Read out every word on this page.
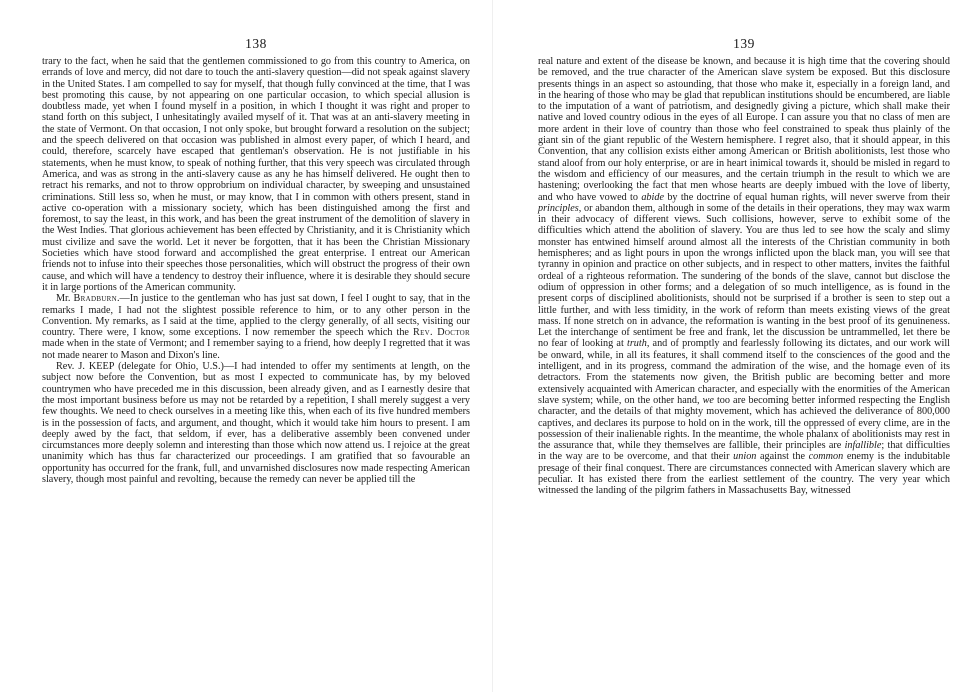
138

trary to the fact, when he said that the gentlemen commissioned to go from this country to America, on errands of love and mercy, did not dare to touch the anti-slavery question—did not speak against slavery in the United States. I am compelled to say for myself, that though fully convinced at the time, that I was best promoting this cause, by not appearing on one particular occasion, to which special allusion is doubtless made, yet when I found myself in a position, in which I thought it was right and proper to stand forth on this subject, I unhesitatingly availed myself of it. That was at an anti-slavery meeting in the state of Vermont. On that occasion, I not only spoke, but brought forward a resolution on the subject; and the speech delivered on that occasion was published in almost every paper, of which I heard, and could, therefore, scarcely have escaped that gentleman's observation. He is not justifiable in his statements, when he must know, to speak of nothing further, that this very speech was circulated through America, and was as strong in the anti-slavery cause as any he has himself delivered. He ought then to retract his remarks, and not to throw opprobrium on individual character, by sweeping and unsustained criminations. Still less so, when he must, or may know, that I in common with others present, stand in active co-operation with a missionary society, which has been distinguished among the first and foremost, to say the least, in this work, and has been the great instrument of the demolition of slavery in the West Indies. That glorious achievement has been effected by Christianity, and it is Christianity which must civilize and save the world. Let it never be forgotten, that it has been the Christian Missionary Societies which have stood forward and accomplished the great enterprise. I entreat our American friends not to infuse into their speeches those personalities, which will obstruct the progress of their own cause, and which will have a tendency to destroy their influence, where it is desirable they should secure it in large portions of the American community.

Mr. Bradburn.—In justice to the gentleman who has just sat down, I feel I ought to say, that in the remarks I made, I had not the slightest possible reference to him, or to any other person in the Convention. My remarks, as I said at the time, applied to the clergy generally, of all sects, visiting our country. There were, I know, some exceptions. I now remember the speech which the Rev. Doctor made when in the state of Vermont; and I remember saying to a friend, how deeply I regretted that it was not made nearer to Mason and Dixon's line.

Rev. J. KEEP (delegate for Ohio, U.S.)—I had intended to offer my sentiments at length, on the subject now before the Convention, but as most I expected to communicate has, by my beloved countrymen who have preceded me in this discussion, been already given, and as I earnestly desire that the most important business before us may not be retarded by a repetition, I shall merely suggest a very few thoughts. We need to check ourselves in a meeting like this, when each of its five hundred members is in the possession of facts, and argument, and thought, which it would take him hours to present. I am deeply awed by the fact, that seldom, if ever, has a deliberative assembly been convened under circumstances more deeply solemn and interesting than those which now attend us. I rejoice at the great unanimity which has thus far characterized our proceedings. I am gratified that so favourable an opportunity has occurred for the frank, full, and unvarnished disclosures now made respecting American slavery, though most painful and revolting, because the remedy can never be applied till the

139

real nature and extent of the disease be known, and because it is high time that the covering should be removed, and the true character of the American slave system be exposed. But this disclosure presents things in an aspect so astounding, that those who make it, especially in a foreign land, and in the hearing of those who may be glad that republican institutions should be encumbered, are liable to the imputation of a want of patriotism, and designedly giving a picture, which shall make their native and loved country odious in the eyes of all Europe. I can assure you that no class of men are more ardent in their love of country than those who feel constrained to speak thus plainly of the giant sin of the giant republic of the Western hemisphere. I regret also, that it should appear, in this Convention, that any collision exists either among American or British abolitionists, lest those who stand aloof from our holy enterprise, or are in heart inimical towards it, should be misled in regard to the wisdom and efficiency of our measures, and the certain triumph in the result to which we are hastening; overlooking the fact that men whose hearts are deeply imbued with the love of liberty, and who have vowed to abide by the doctrine of equal human rights, will never swerve from their principles, or abandon them, although in some of the details in their operations, they may wax warm in their advocacy of different views. Such collisions, however, serve to exhibit some of the difficulties which attend the abolition of slavery. You are thus led to see how the scaly and slimy monster has entwined himself around almost all the interests of the Christian community in both hemispheres; and as light pours in upon the wrongs inflicted upon the black man, you will see that tyranny in opinion and practice on other subjects, and in respect to other matters, invites the faithful ordeal of a righteous reformation. The sundering of the bonds of the slave, cannot but disclose the odium of oppression in other forms; and a delegation of so much intelligence, as is found in the present corps of disciplined abolitionists, should not be surprised if a brother is seen to step out a little further, and with less timidity, in the work of reform than meets existing views of the great mass. If none stretch on in advance, the reformation is wanting in the best proof of its genuineness. Let the interchange of sentiment be free and frank, let the discussion be untrammelled, let there be no fear of looking at truth, and of promptly and fearlessly following its dictates, and our work will be onward, while, in all its features, it shall commend itself to the consciences of the good and the intelligent, and in its progress, command the admiration of the wise, and the homage even of its detractors. From the statements now given, the British public are becoming better and more extensively acquainted with American character, and especially with the enormities of the American slave system; while, on the other hand, we too are becoming better informed respecting the English character, and the details of that mighty movement, which has achieved the deliverance of 800,000 captives, and declares its purpose to hold on in the work, till the oppressed of every clime, are in the possession of their inalienable rights. In the meantime, the whole phalanx of abolitionists may rest in the assurance that, while they themselves are fallible, their principles are infallible; that difficulties in the way are to be overcome, and that their union against the common enemy is the indubitable presage of their final conquest. There are circumstances connected with American slavery which are peculiar. It has existed there from the earliest settlement of the country. The very year which witnessed the landing of the pilgrim fathers in Massachusetts Bay, witnessed
